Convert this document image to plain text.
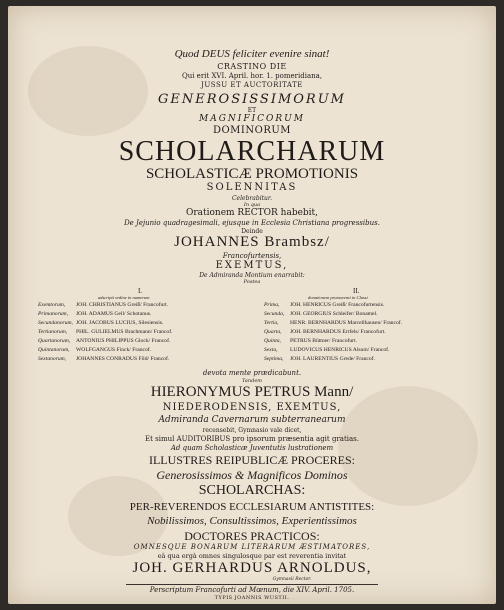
Quod DEUS feliciter evenire sinat!
CRASTINO DIE
Qui erit XVI. April. hor. 1. pomeridiana,
JUSSU ET AUCTORITATE
GENEROSISSIMORUM
ET
MAGNIFICORUM
DOMINORUM
SCHOLARCHARUM
SCHOLASTICÆ PROMOTIONIS
SOLENNITAS
Celebrabitur.
In qua
Orationem RECTOR habebit,
De Jejunio quadragesimali, ejusque in Ecclesia Christiana progressibus.
Deinde
JOHANNES Brambsz/
Francofurtensis,
EXEMTUS,
De Admiranda Montium enarrabit:
Postea
I.	II.
adscripti ordine in numerum	donationem promoventi in Classi
Exemtorum, JOH. CHRISTIANUS Greiß/ Francofurt.
Primanorum, JOH. ADAMUS Gell/ Schotanus.
Secundanorum, JOH. JACOBUS LUCIUS, Silesiensis.
Tertianorum, PHIL. GULIELMUS Brachmann/ Francof.
Quartanorum, ANTONIUS PHILIPPUS Glock/ Francof.
Quintanorum, WOLFGANGUS Finck/ Francof.
Sextanorum, JOHANNES CONRADUS Fild/ Francof.
Prima, JOH. HENRICUS Greiß/ Francofurtensis.
Secunda, JOH. GEORGIUS Schleifer/ Bonamel.
Tertia, HENR. BERNHARDUS Marcellhausen/ Francof.
Quarta, JOH. BERNHARDUS Errfels/ Francofurt.
Quinta, PETRUS Büttner/ Francofurt.
Sexta, LUDOVICUS HENRICUS Alsum/ Francof.
Septima, JOH. LAURENTIUS Grede/ Francof.
devota mente prædicabunt.
Tandem
HIERONYMUS PETRUS Mann/
NIEDERODENSIS, EXEMTUS,
Admiranda Cavernarum subterranearum
recensebit, Gymnasio vale dicet,
Et simul AUDITORIBUS pro ipsorum præsentia agit gratias.
Ad quam Scholasticæ Juventutis lustrationem
ILLUSTRES REIPUBLICÆ PROCERES:
Generosissimos & Magnificos Dominos
SCHOLARCHAS:
PER-REVERENDOS ECCLESIARUM ANTISTITES:
Nobilissimos, Consultissimos, Experientissimos
DOCTORES PRACTICOS:
OMNESQUE BONARUM LITERARUM ÆSTIMATORES,
eâ qua ergà omnes singulosque par est reverentia invitat
JOH. GERHARDUS ARNOLDUS,
Gymnasii Rector.
Perscriptum Francofurti ad Mœnum, die XIV. April. 1705.
TYPIS JOANNIS WUSTII.
